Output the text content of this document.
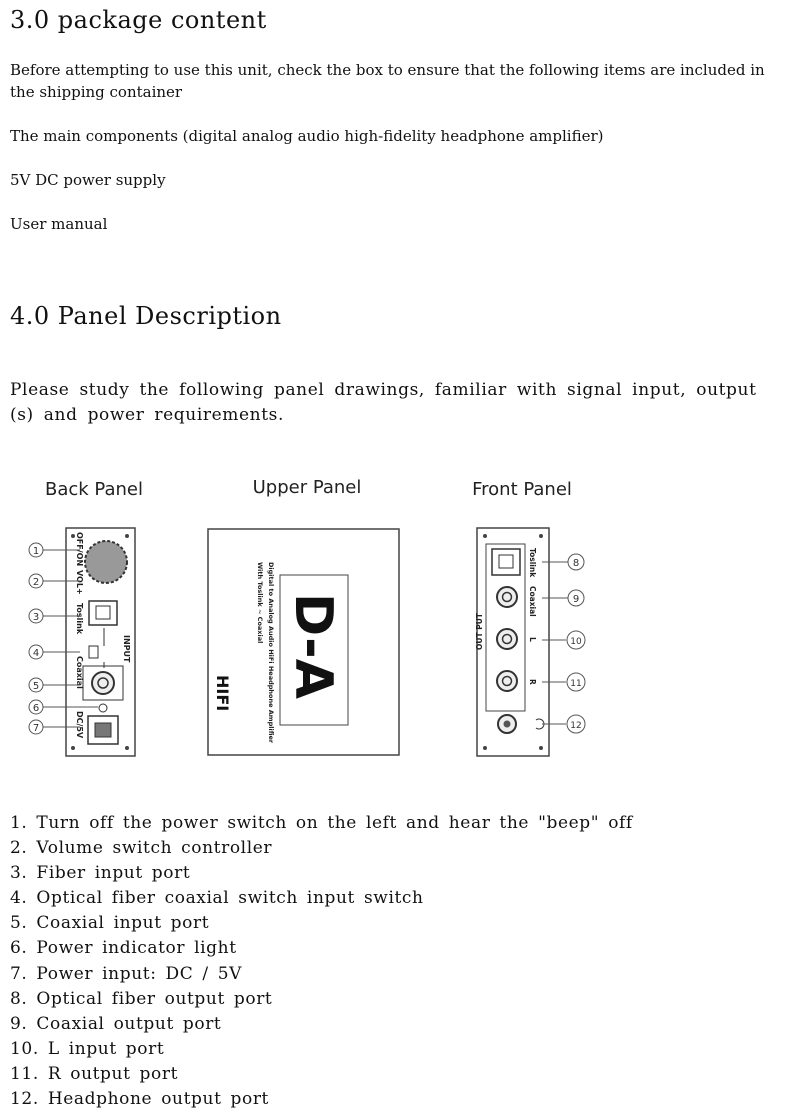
3.0 package content

Before attempting to use this unit, check the box to ensure that the following items are included in the shipping container

The main components (digital analog audio high-fidelity headphone amplifier)

5V DC power supply

User manual

4.0 Panel Description

Please study the following panel drawings, familiar with signal input, output (s) and power requirements.

Back Panel
OFF/ON
VOL+
Toslink
INPUT
Coaxial
DC/5V
1
2
3
4
5
6
7
Upper Panel
Digital to Analog Audio HiFi Headphone Amplifier
With Toslink ~ Coaxial D-A
HIFI
Front Panel
Toslink
Coaxial
L
R
OUT PUT
8
9
10
11
12
1. Turn off the power switch on the left and hear the "beep" off
2. Volume switch controller
3. Fiber input port
4. Optical fiber coaxial switch input switch
5. Coaxial input port
6. Power indicator light
7. Power input: DC / 5V
8. Optical fiber output port
9. Coaxial output port
10. L input port
11. R output port
12. Headphone output port
